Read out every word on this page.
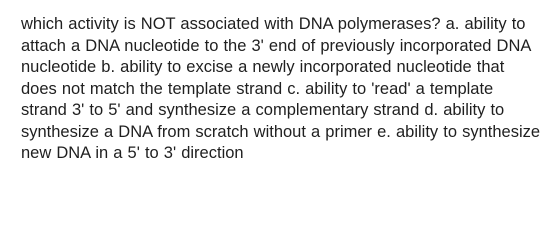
which activity is NOT associated with DNA polymerases? a. ability to attach a DNA nucleotide to the 3' end of previously incorporated DNA nucleotide b. ability to excise a newly incorporated nucleotide that does not match the template strand c. ability to 'read' a template strand 3' to 5' and synthesize a complementary strand d. ability to synthesize a DNA from scratch without a primer e. ability to synthesize new DNA in a 5' to 3' direction
